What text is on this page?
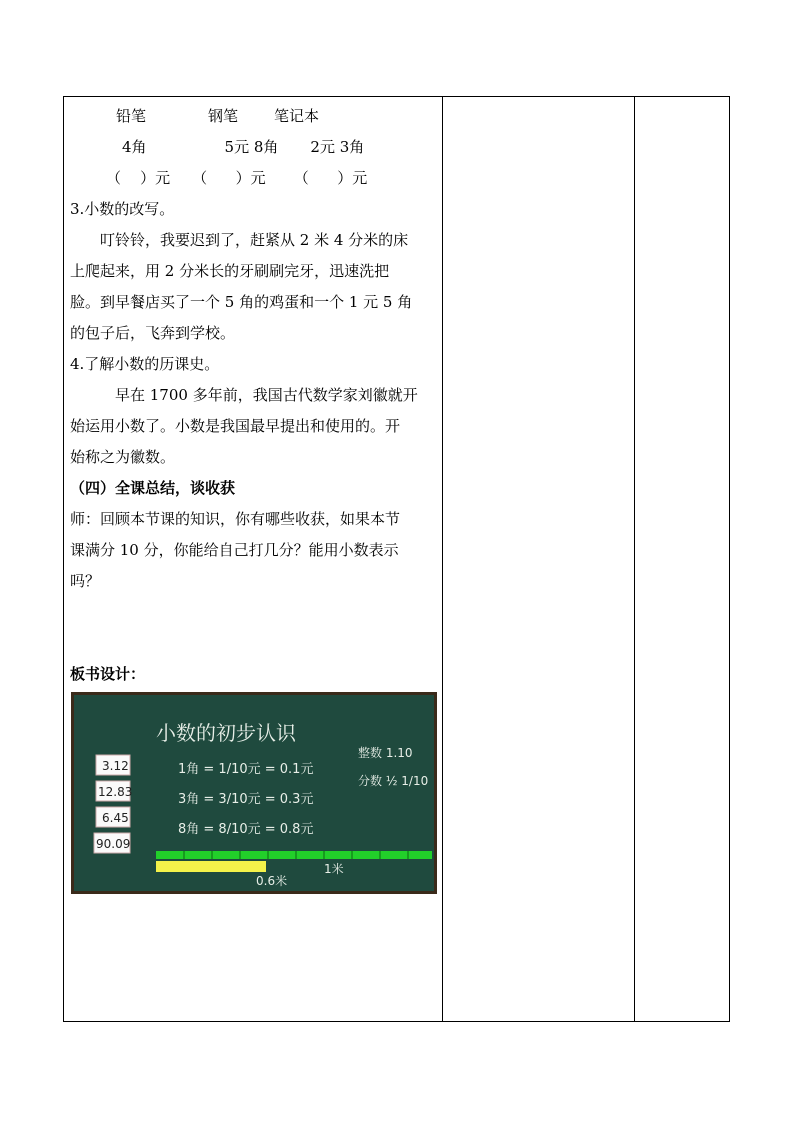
铅笔	钢笔 笔记本
4角	5元 8角 2元 3角
（    ）元 （      ）元 （      ）元
3.小数的改写。
叮铃铃，我要迟到了，赶紧从 2 米 4 分米的床
上爬起来，用 2 分米长的牙刷刷完牙，迅速洗把
脸。到早餐店买了一个 5 角的鸡蛋和一个 1 元 5 角
的包子后，飞奔到学校。
4.了解小数的历课史。
早在 1700 多年前，我国古代数学家刘徽就开
始运用小数了。小数是我国最早提出和使用的。开
始称之为徽数。
（四）全课总结，谈收获
师：回顾本节课的知识，你有哪些收获，如果本节
课满分 10 分，你能给自己打几分？能用小数表示
吗？
板书设计：
小数的初步认识
3.12
12.83
6.45
90.09
1角 = 1/10元 = 0.1元
3角 = 3/10元 = 0.3元
8角 = 8/10元 = 0.8元
整数 1.10
分数 ½ 1/10
1米
0.6米
